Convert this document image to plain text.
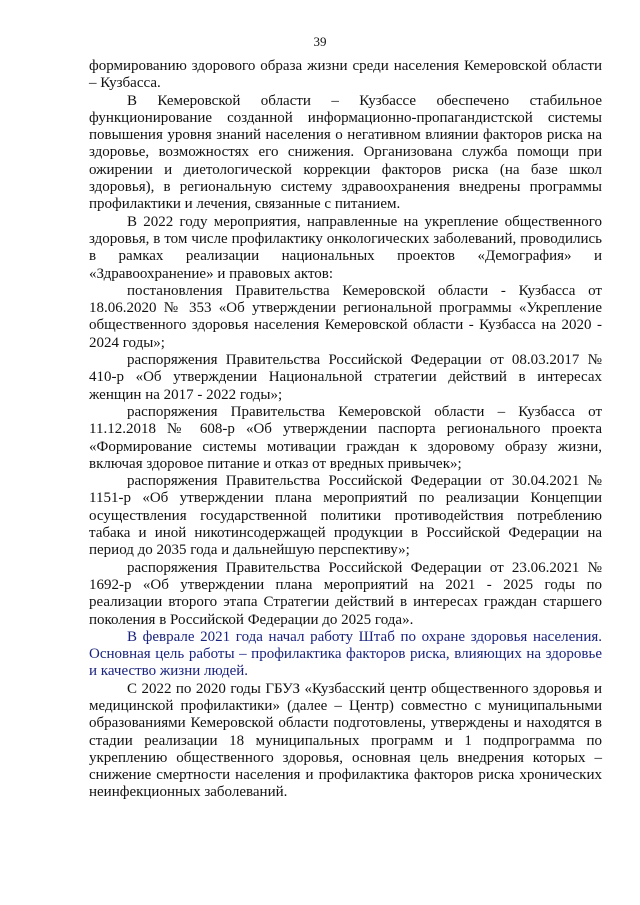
39

формированию здорового образа жизни среди населения Кемеровской области – Кузбасса.

В Кемеровской области – Кузбассе обеспечено стабильное функционирование созданной информационно-пропагандистской системы повышения уровня знаний населения о негативном влиянии факторов риска на здоровье, возможностях его снижения. Организована служба помощи при ожирении и диетологической коррекции факторов риска (на базе школ здоровья), в региональную систему здравоохранения внедрены программы профилактики и лечения, связанные с питанием.

В 2022 году мероприятия, направленные на укрепление общественного здоровья, в том числе профилактику онкологических заболеваний, проводились в рамках реализации национальных проектов «Демография» и «Здравоохранение» и правовых актов:

постановления Правительства Кемеровской области - Кузбасса от 18.06.2020 № 353 «Об утверждении региональной программы «Укрепление общественного здоровья населения Кемеровской области - Кузбасса на 2020 - 2024 годы»;

распоряжения Правительства Российской Федерации от 08.03.2017 № 410-р «Об утверждении Национальной стратегии действий в интересах женщин на 2017 - 2022 годы»;

распоряжения Правительства Кемеровской области – Кузбасса от 11.12.2018 № 608-р «Об утверждении паспорта регионального проекта «Формирование системы мотивации граждан к здоровому образу жизни, включая здоровое питание и отказ от вредных привычек»;

распоряжения Правительства Российской Федерации от 30.04.2021 № 1151-р «Об утверждении плана мероприятий по реализации Концепции осуществления государственной политики противодействия потреблению табака и иной никотинсодержащей продукции в Российской Федерации на период до 2035 года и дальнейшую перспективу»;

распоряжения Правительства Российской Федерации от 23.06.2021 № 1692-р «Об утверждении плана мероприятий на 2021 - 2025 годы по реализации второго этапа Стратегии действий в интересах граждан старшего поколения в Российской Федерации до 2025 года».

В феврале 2021 года начал работу Штаб по охране здоровья населения. Основная цель работы – профилактика факторов риска, влияющих на здоровье и качество жизни людей.

С 2022 по 2020 годы ГБУЗ «Кузбасский центр общественного здоровья и медицинской профилактики» (далее – Центр) совместно с муниципальными образованиями Кемеровской области подготовлены, утверждены и находятся в стадии реализации 18 муниципальных программ и 1 подпрограмма по укреплению общественного здоровья, основная цель внедрения которых – снижение смертности населения и профилактика факторов риска хронических неинфекционных заболеваний.
